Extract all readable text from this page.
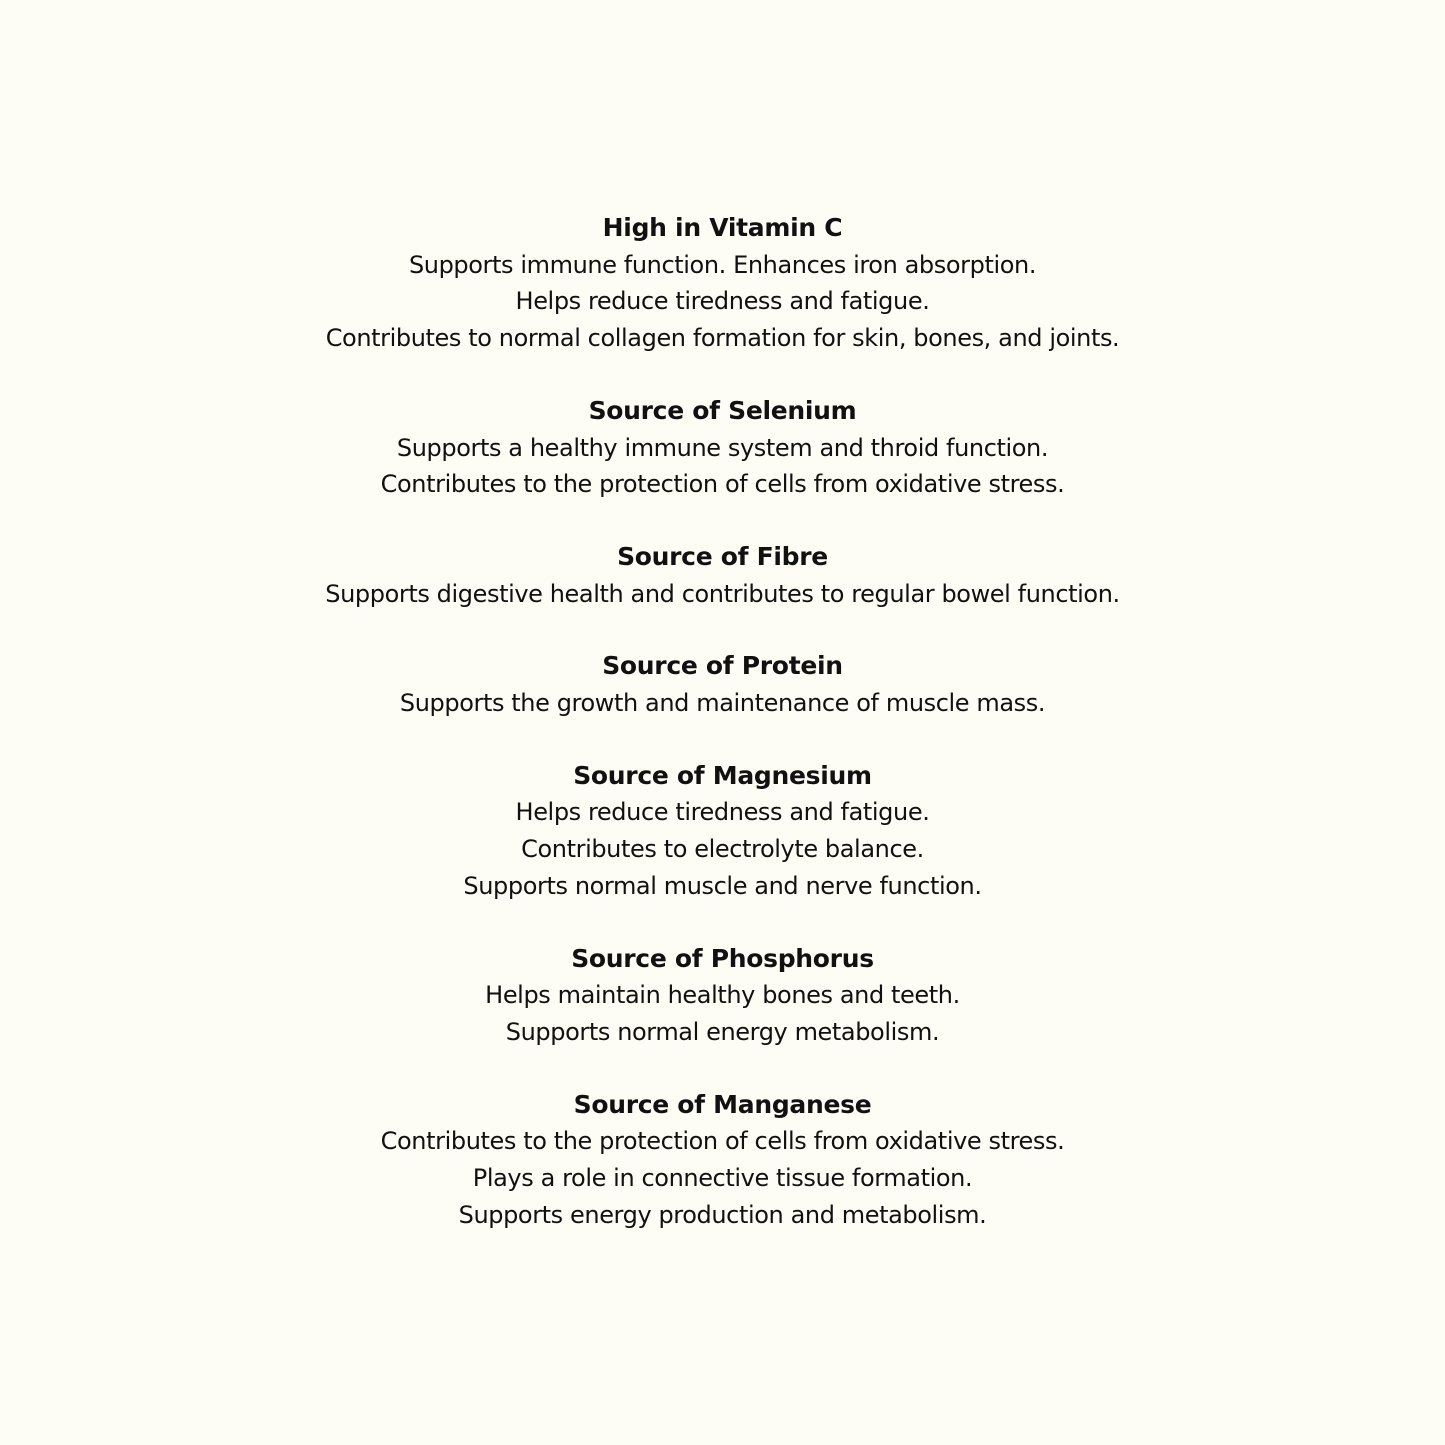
High in Vitamin C
Supports immune function. Enhances iron absorption.
Helps reduce tiredness and fatigue.
Contributes to normal collagen formation for skin, bones, and joints.
Source of Selenium
Supports a healthy immune system and throid function.
Contributes to the protection of cells from oxidative stress.
Source of Fibre
Supports digestive health and contributes to regular bowel function.
Source of Protein
Supports the growth and maintenance of muscle mass.
Source of Magnesium
Helps reduce tiredness and fatigue.
Contributes to electrolyte balance.
Supports normal muscle and nerve function.
Source of Phosphorus
Helps maintain healthy bones and teeth.
Supports normal energy metabolism.
Source of Manganese
Contributes to the protection of cells from oxidative stress.
Plays a role in connective tissue formation.
Supports energy production and metabolism.
